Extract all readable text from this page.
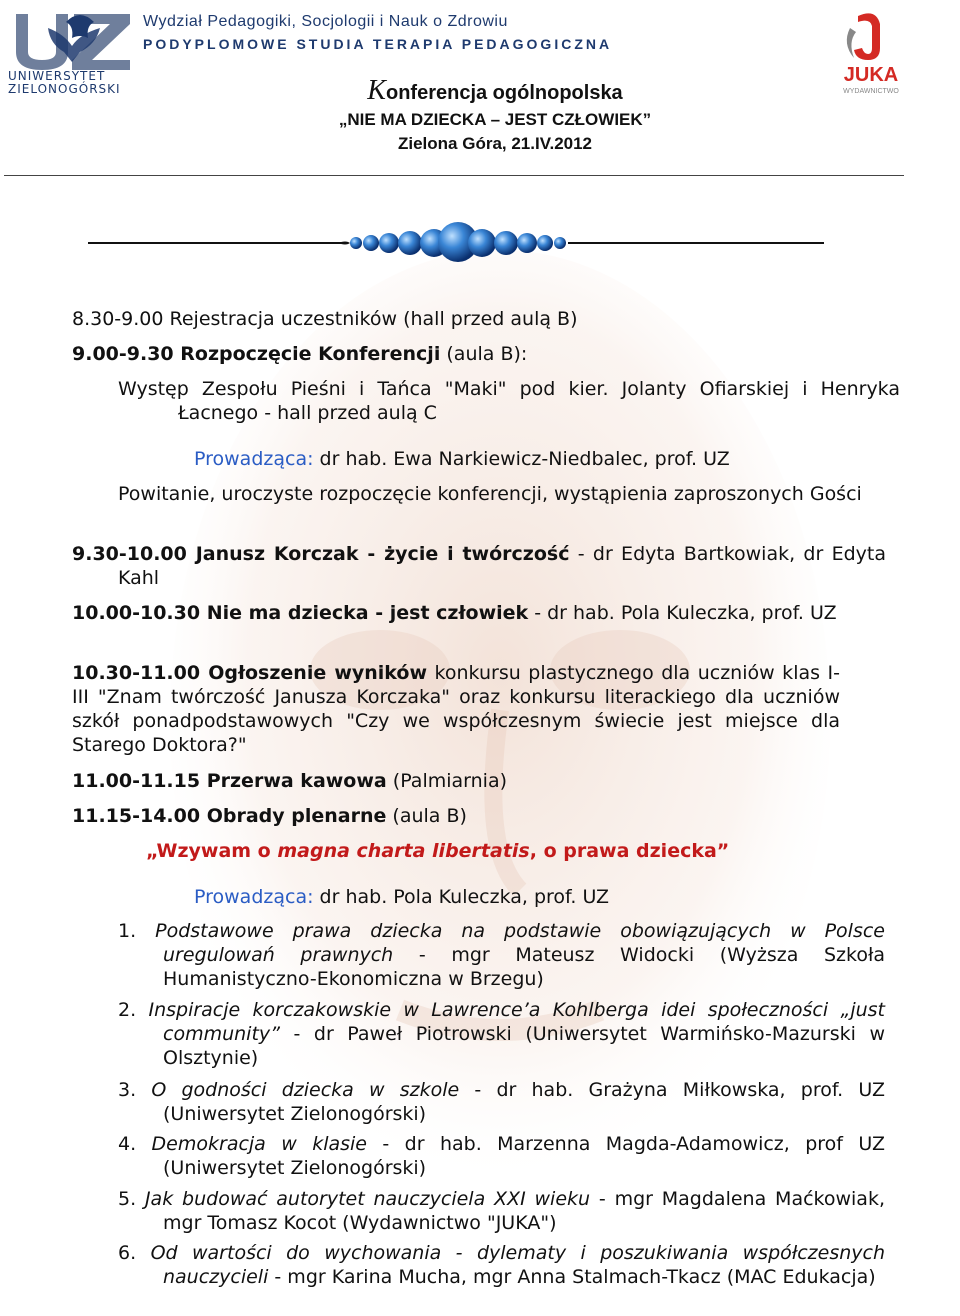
UNIWERSYTET
ZIELONOGÓRSKI
Wydział Pedagogiki, Socjologii i Nauk o Zdrowiu
PODYPLOMOWE STUDIA TERAPIA PEDAGOGICZNA
JUKA
WYDAWNICTWO
Konferencja ogólnopolska
„NIE MA DZIECKA – JEST CZŁOWIEK”
Zielona Góra, 21.IV.2012
8.30-9.00 Rejestracja uczestników (hall przed aulą B)
9.00-9.30 Rozpoczęcie Konferencji (aula B):
Występ Zespołu Pieśni i Tańca "Maki" pod kier. Jolanty Ofiarskiej i Henryka Łacnego - hall przed aulą C
Prowadząca: dr hab. Ewa Narkiewicz-Niedbalec, prof. UZ
Powitanie, uroczyste rozpoczęcie konferencji, wystąpienia zaproszonych Gości
9.30-10.00 Janusz Korczak - życie i twórczość - dr Edyta Bartkowiak, dr Edyta Kahl
10.00-10.30 Nie ma dziecka - jest człowiek - dr hab. Pola Kuleczka, prof. UZ
10.30-11.00 Ogłoszenie wyników konkursu plastycznego dla uczniów klas I-III "Znam twórczość Janusza Korczaka" oraz konkursu literackiego dla uczniów szkół ponadpodstawowych "Czy we współczesnym świecie jest miejsce dla Starego Doktora?"
11.00-11.15 Przerwa kawowa (Palmiarnia)
11.15-14.00 Obrady plenarne (aula B)
„Wzywam o magna charta libertatis, o prawa dziecka”
Prowadząca: dr hab. Pola Kuleczka, prof. UZ
1. Podstawowe prawa dziecka na podstawie obowiązujących w Polsce uregulowań prawnych - mgr Mateusz Widocki (Wyższa Szkoła Humanistyczno-Ekonomiczna w Brzegu)
2. Inspiracje korczakowskie w Lawrence’a Kohlberga idei społeczności „just community” - dr Paweł Piotrowski (Uniwersytet Warmińsko-Mazurski w Olsztynie)
3. O godności dziecka w szkole - dr hab. Grażyna Miłkowska, prof. UZ (Uniwersytet Zielonogórski)
4. Demokracja w klasie - dr hab. Marzenna Magda-Adamowicz, prof UZ (Uniwersytet Zielonogórski)
5. Jak budować autorytet nauczyciela XXI wieku - mgr Magdalena Maćkowiak, mgr Tomasz Kocot (Wydawnictwo "JUKA")
6. Od wartości do wychowania - dylematy i poszukiwania współczesnych nauczycieli - mgr Karina Mucha, mgr Anna Stalmach-Tkacz (MAC Edukacja)
